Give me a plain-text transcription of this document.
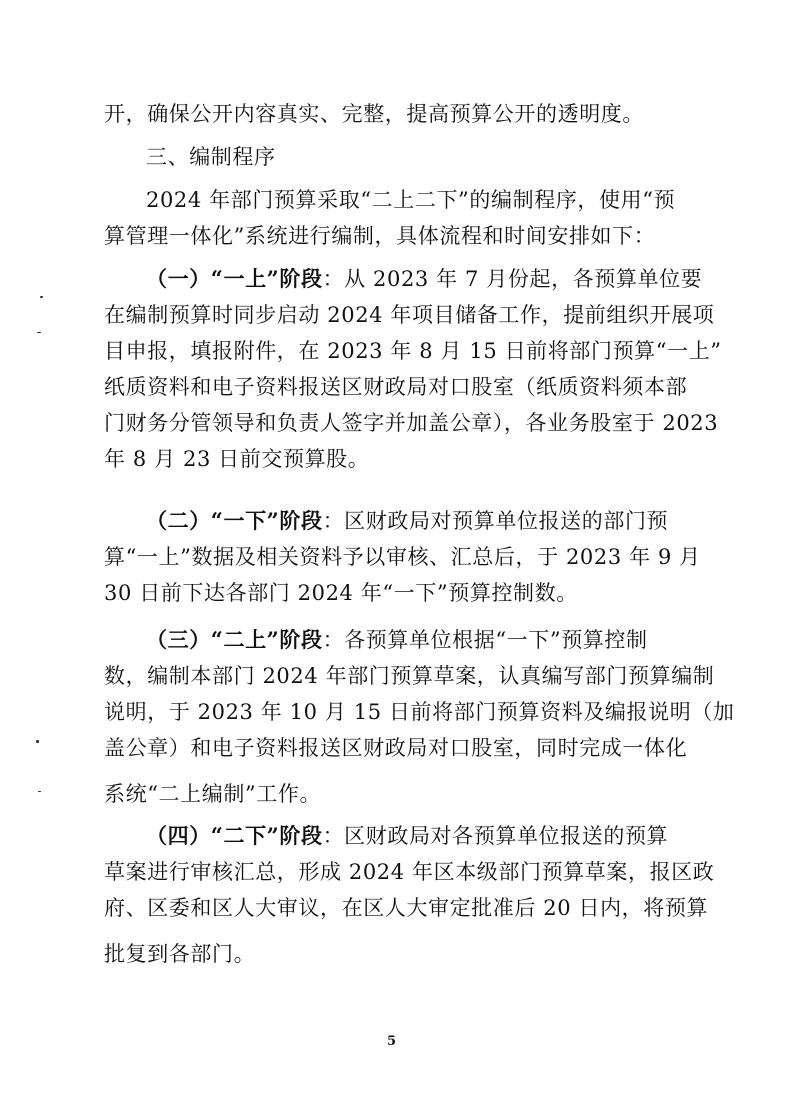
开，确保公开内容真实、完整，提高预算公开的透明度。
三、编制程序
2024 年部门预算采取“二上二下”的编制程序，使用“预
算管理一体化”系统进行编制，具体流程和时间安排如下：
（一）“一上”阶段：从 2023 年 7 月份起，各预算单位要
在编制预算时同步启动 2024 年项目储备工作，提前组织开展项
目申报，填报附件，在 2023 年 8 月 15 日前将部门预算“一上”
纸质资料和电子资料报送区财政局对口股室（纸质资料须本部
门财务分管领导和负责人签字并加盖公章），各业务股室于 2023
年 8 月 23 日前交预算股。
（二）“一下”阶段：区财政局对预算单位报送的部门预
算“一上”数据及相关资料予以审核、汇总后，于 2023 年 9 月
30 日前下达各部门 2024 年“一下”预算控制数。
（三）“二上”阶段：各预算单位根据“一下”预算控制
数，编制本部门 2024 年部门预算草案，认真编写部门预算编制
说明，于 2023 年 10 月 15 日前将部门预算资料及编报说明（加
盖公章）和电子资料报送区财政局对口股室，同时完成一体化
系统“二上编制”工作。
（四）“二下”阶段：区财政局对各预算单位报送的预算
草案进行审核汇总，形成 2024 年区本级部门预算草案，报区政
府、区委和区人大审议，在区人大审定批准后 20 日内，将预算
批复到各部门。
5
